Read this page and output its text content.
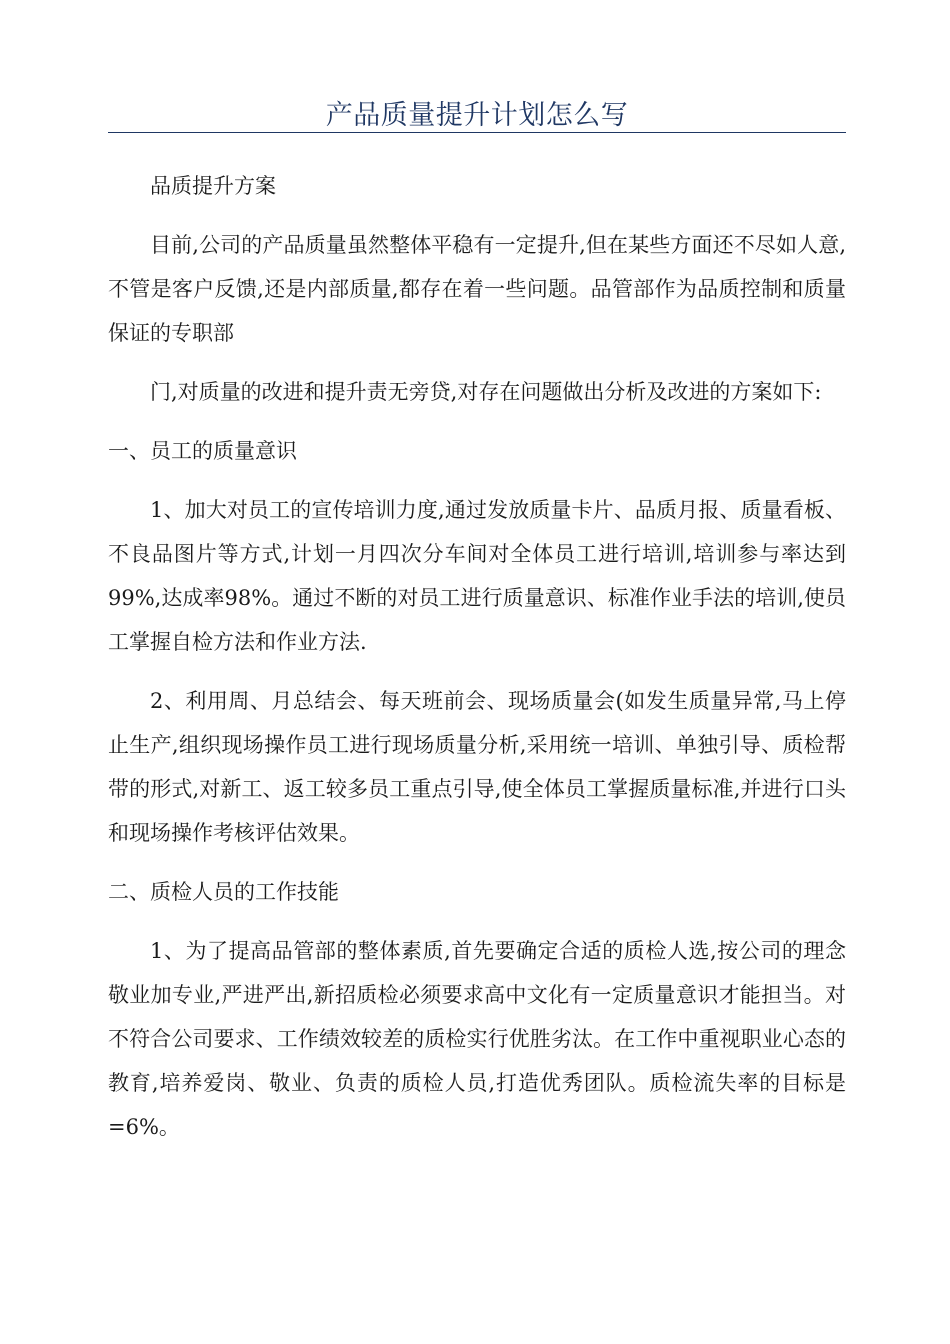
产品质量提升计划怎么写

品质提升方案

目前,公司的产品质量虽然整体平稳有一定提升,但在某些方面还不尽如人意,不管是客户反馈,还是内部质量,都存在着一些问题。品管部作为品质控制和质量保证的专职部

门,对质量的改进和提升责无旁贷,对存在问题做出分析及改进的方案如下:

一、员工的质量意识

1、加大对员工的宣传培训力度,通过发放质量卡片、品质月报、质量看板、不良品图片等方式,计划一月四次分车间对全体员工进行培训,培训参与率达到99%,达成率98%。通过不断的对员工进行质量意识、标准作业手法的培训,使员工掌握自检方法和作业方法.

2、利用周、月总结会、每天班前会、现场质量会(如发生质量异常,马上停止生产,组织现场操作员工进行现场质量分析,采用统一培训、单独引导、质检帮带的形式,对新工、返工较多员工重点引导,使全体员工掌握质量标准,并进行口头和现场操作考核评估效果。

二、质检人员的工作技能

1、为了提高品管部的整体素质,首先要确定合适的质检人选,按公司的理念敬业加专业,严进严出,新招质检必须要求高中文化有一定质量意识才能担当。对不符合公司要求、工作绩效较差的质检实行优胜劣汰。在工作中重视职业心态的教育,培养爱岗、敬业、负责的质检人员,打造优秀团队。质检流失率的目标是=6%。
